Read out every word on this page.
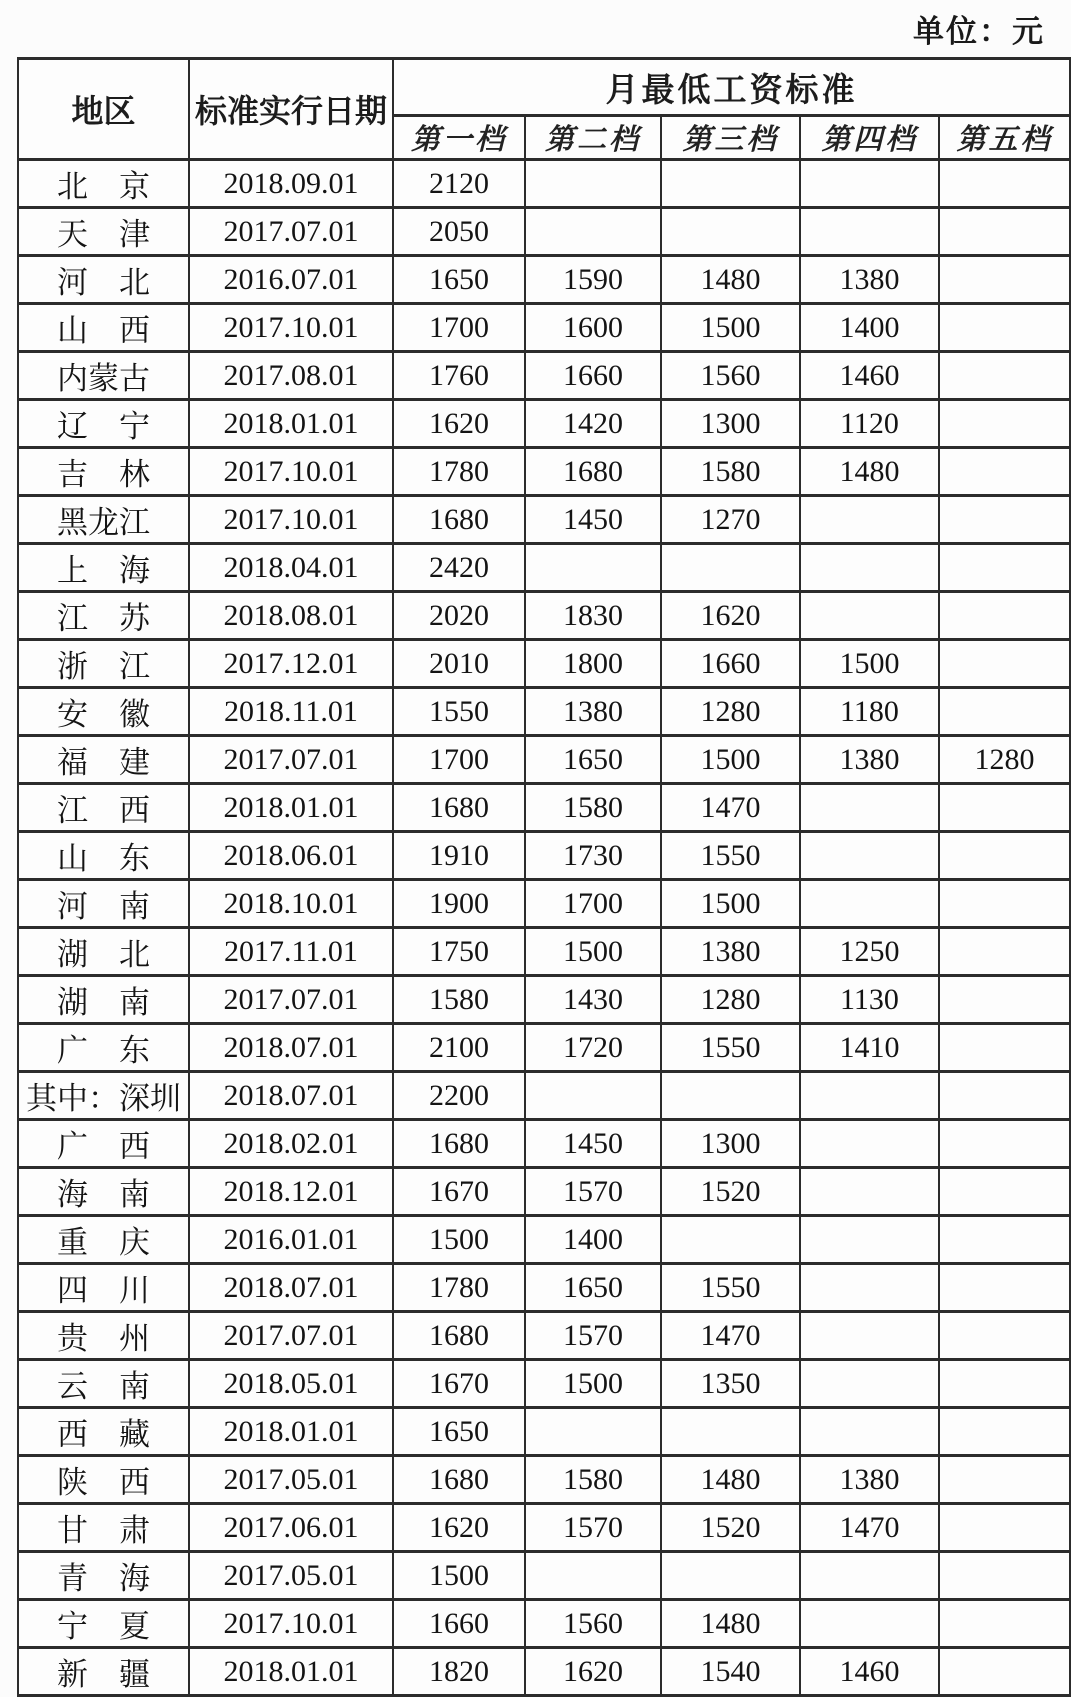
单位：元
地区	标准实行日期	月最低工资标准				
		第一档	第二档	第三档	第四档	第五档
北　京	2018.09.01	2120				
天　津	2017.07.01	2050				
河　北	2016.07.01	1650	1590	1480	1380	
山　西	2017.10.01	1700	1600	1500	1400	
内蒙古	2017.08.01	1760	1660	1560	1460	
辽　宁	2018.01.01	1620	1420	1300	1120	
吉　林	2017.10.01	1780	1680	1580	1480	
黑龙江	2017.10.01	1680	1450	1270		
上　海	2018.04.01	2420				
江　苏	2018.08.01	2020	1830	1620		
浙　江	2017.12.01	2010	1800	1660	1500	
安　徽	2018.11.01	1550	1380	1280	1180	
福　建	2017.07.01	1700	1650	1500	1380	1280
江　西	2018.01.01	1680	1580	1470		
山　东	2018.06.01	1910	1730	1550		
河　南	2018.10.01	1900	1700	1500		
湖　北	2017.11.01	1750	1500	1380	1250	
湖　南	2017.07.01	1580	1430	1280	1130	
广　东	2018.07.01	2100	1720	1550	1410	
其中：深圳	2018.07.01	2200				
广　西	2018.02.01	1680	1450	1300		
海　南	2018.12.01	1670	1570	1520		
重　庆	2016.01.01	1500	1400			
四　川	2018.07.01	1780	1650	1550		
贵　州	2017.07.01	1680	1570	1470		
云　南	2018.05.01	1670	1500	1350		
西　藏	2018.01.01	1650				
陕　西	2017.05.01	1680	1580	1480	1380	
甘　肃	2017.06.01	1620	1570	1520	1470	
青　海	2017.05.01	1500				
宁　夏	2017.10.01	1660	1560	1480		
新　疆	2018.01.01	1820	1620	1540	1460	
